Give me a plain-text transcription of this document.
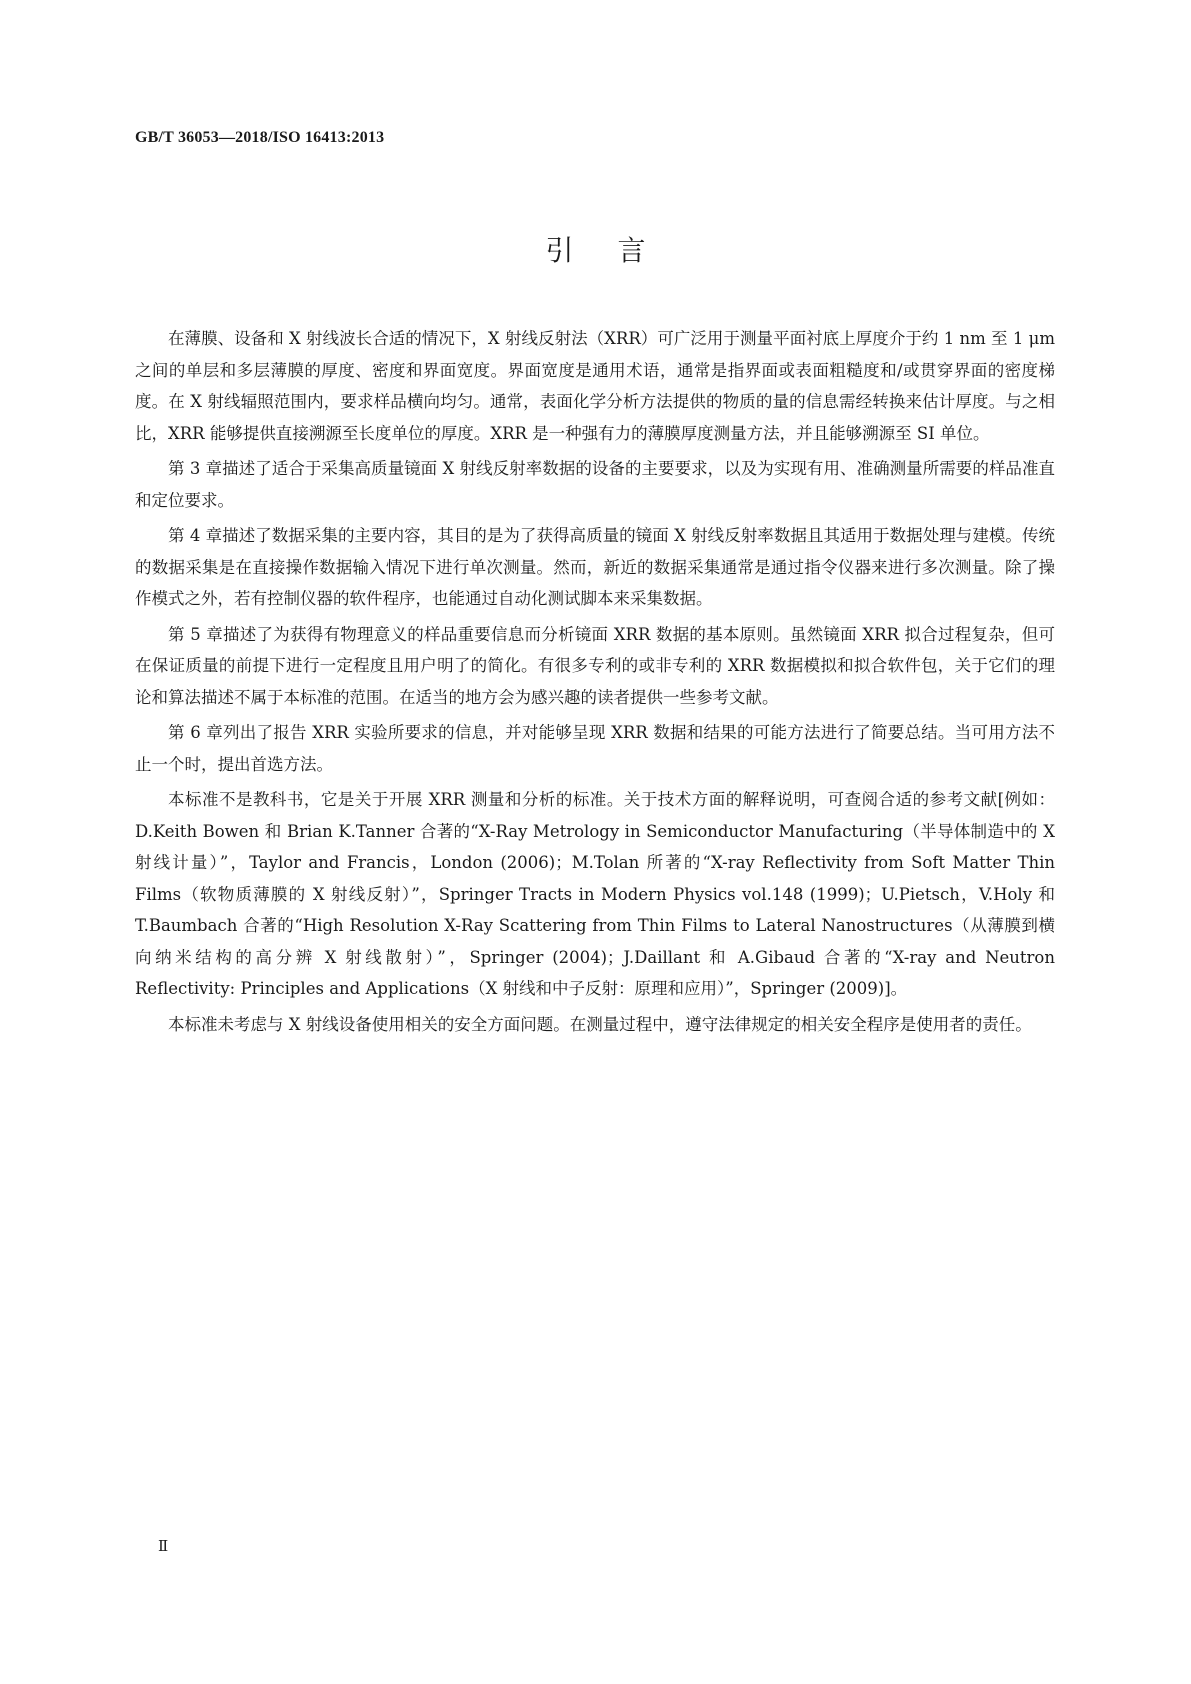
GB/T 36053—2018/ISO 16413:2013
引言

在薄膜、设备和 X 射线波长合适的情况下，X 射线反射法（XRR）可广泛用于测量平面衬底上厚度介于约 1 nm 至 1 μm 之间的单层和多层薄膜的厚度、密度和界面宽度。界面宽度是通用术语，通常是指界面或表面粗糙度和/或贯穿界面的密度梯度。在 X 射线辐照范围内，要求样品横向均匀。通常，表面化学分析方法提供的物质的量的信息需经转换来估计厚度。与之相比，XRR 能够提供直接溯源至长度单位的厚度。XRR 是一种强有力的薄膜厚度测量方法，并且能够溯源至 SI 单位。

第 3 章描述了适合于采集高质量镜面 X 射线反射率数据的设备的主要要求，以及为实现有用、准确测量所需要的样品准直和定位要求。

第 4 章描述了数据采集的主要内容，其目的是为了获得高质量的镜面 X 射线反射率数据且其适用于数据处理与建模。传统的数据采集是在直接操作数据输入情况下进行单次测量。然而，新近的数据采集通常是通过指令仪器来进行多次测量。除了操作模式之外，若有控制仪器的软件程序，也能通过自动化测试脚本来采集数据。

第 5 章描述了为获得有物理意义的样品重要信息而分析镜面 XRR 数据的基本原则。虽然镜面 XRR 拟合过程复杂，但可在保证质量的前提下进行一定程度且用户明了的简化。有很多专利的或非专利的 XRR 数据模拟和拟合软件包，关于它们的理论和算法描述不属于本标准的范围。在适当的地方会为感兴趣的读者提供一些参考文献。

第 6 章列出了报告 XRR 实验所要求的信息，并对能够呈现 XRR 数据和结果的可能方法进行了简要总结。当可用方法不止一个时，提出首选方法。

本标准不是教科书，它是关于开展 XRR 测量和分析的标准。关于技术方面的解释说明，可查阅合适的参考文献[例如：D.Keith Bowen 和 Brian K.Tanner 合著的“X-Ray Metrology in Semiconductor Manufacturing（半导体制造中的 X 射线计量）”，Taylor and Francis，London (2006)；M.Tolan 所著的“X-ray Reflectivity from Soft Matter Thin Films（软物质薄膜的 X 射线反射）”，Springer Tracts in Modern Physics vol.148 (1999)；U.Pietsch，V.Holy 和 T.Baumbach 合著的“High Resolution X-Ray Scattering from Thin Films to Lateral Nanostructures（从薄膜到横向纳米结构的高分辨 X 射线散射）”，Springer (2004)；J.Daillant 和 A.Gibaud 合著的“X-ray and Neutron Reflectivity: Principles and Applications（X 射线和中子反射：原理和应用）”，Springer (2009)]。

本标准未考虑与 X 射线设备使用相关的安全方面问题。在测量过程中，遵守法律规定的相关安全程序是使用者的责任。

Ⅱ
